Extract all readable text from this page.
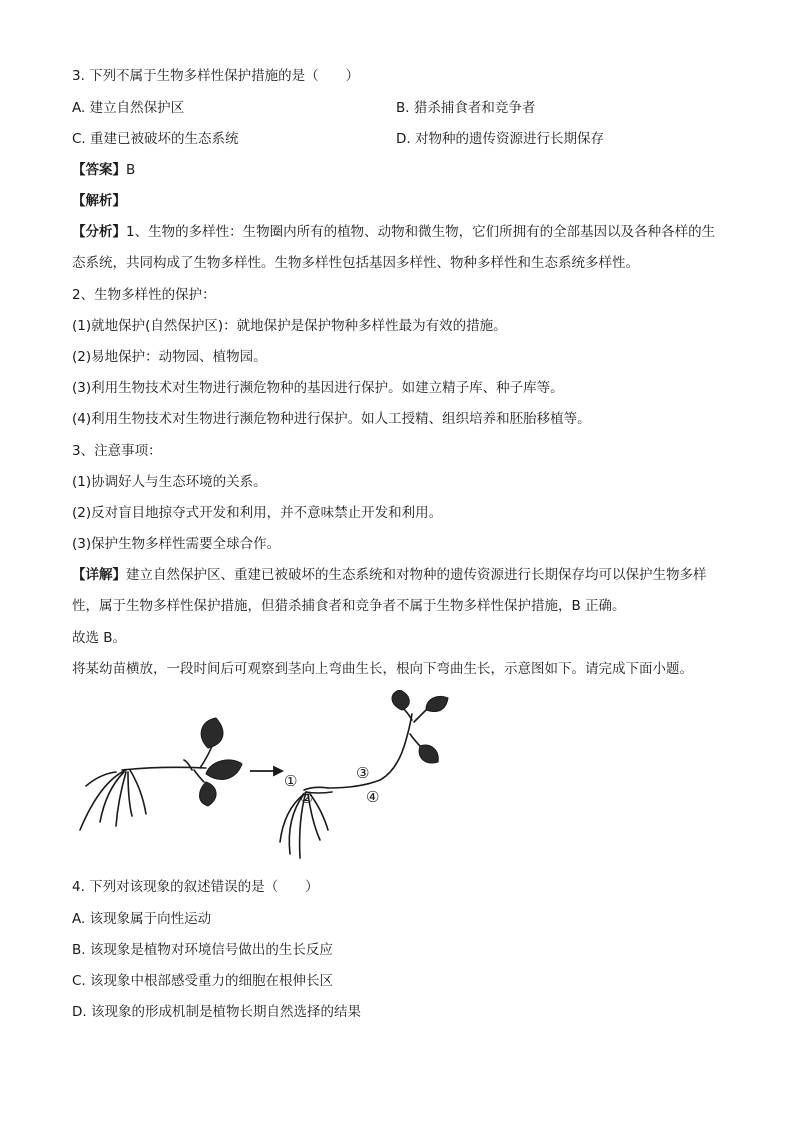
3. 下列不属于生物多样性保护措施的是（　　）
A. 建立自然保护区	B. 猎杀捕食者和竞争者
C. 重建已被破坏的生态系统	D. 对物种的遗传资源进行长期保存
【答案】B
【解析】
【分析】1、生物的多样性：生物圈内所有的植物、动物和微生物，它们所拥有的全部基因以及各种各样的生态系统，共同构成了生物多样性。生物多样性包括基因多样性、物种多样性和生态系统多样性。
2、生物多样性的保护：
(1)就地保护(自然保护区)：就地保护是保护物种多样性最为有效的措施。
(2)易地保护：动物园、植物园。
(3)利用生物技术对生物进行濒危物种的基因进行保护。如建立精子库、种子库等。
(4)利用生物技术对生物进行濒危物种进行保护。如人工授精、组织培养和胚胎移植等。
3、注意事项：
(1)协调好人与生态环境的关系。
(2)反对盲目地掠夺式开发和利用，并不意味禁止开发和利用。
(3)保护生物多样性需要全球合作。
【详解】建立自然保护区、重建已被破坏的生态系统和对物种的遗传资源进行长期保存均可以保护生物多样性，属于生物多样性保护措施，但猎杀捕食者和竞争者不属于生物多样性保护措施，B 正确。
故选 B。
将某幼苗横放，一段时间后可观察到茎向上弯曲生长，根向下弯曲生长，示意图如下。请完成下面小题。
①
②
③
④
4. 下列对该现象的叙述错误的是（　　）
A. 该现象属于向性运动
B. 该现象是植物对环境信号做出的生长反应
C. 该现象中根部感受重力的细胞在根伸长区
D. 该现象的形成机制是植物长期自然选择的结果
